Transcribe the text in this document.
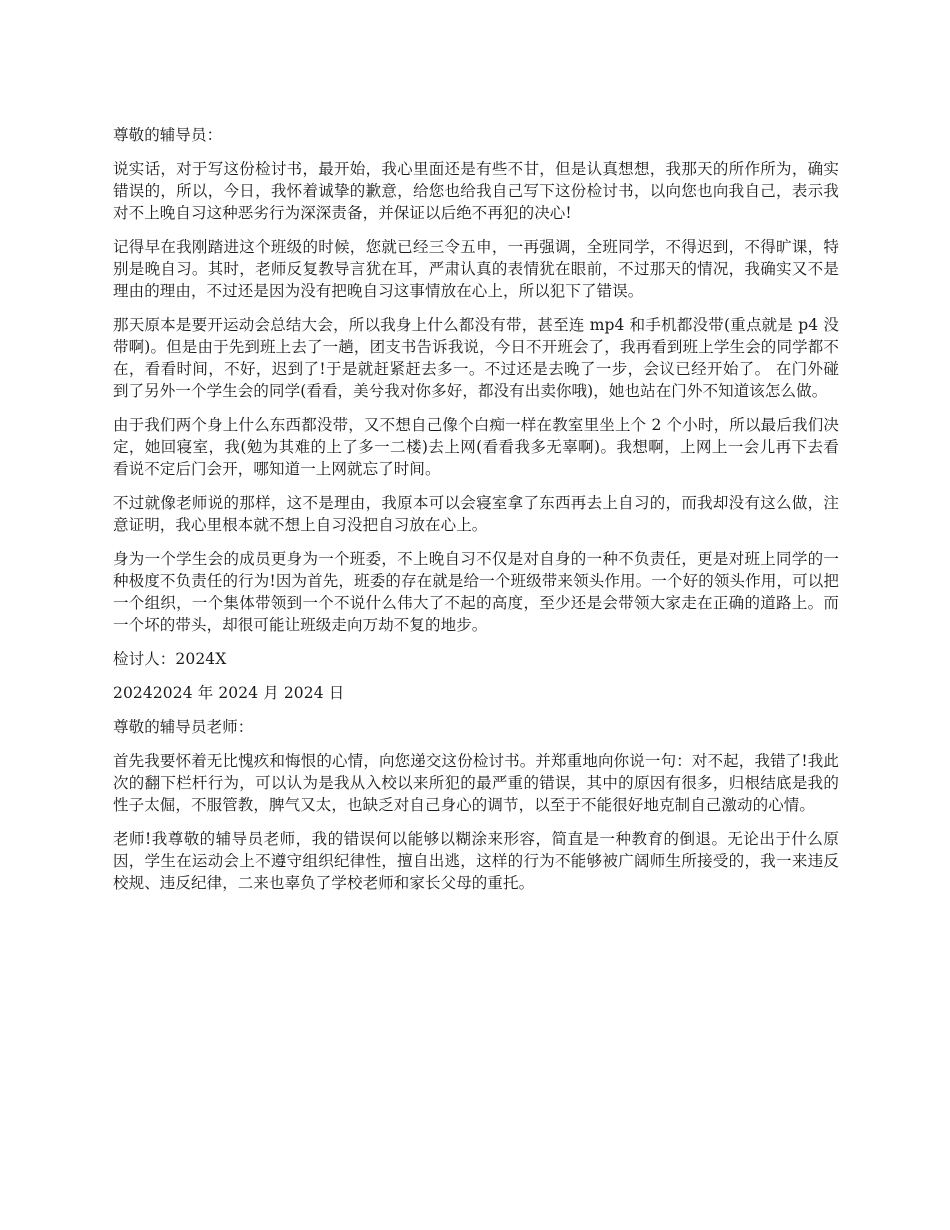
尊敬的辅导员：

说实话，对于写这份检讨书，最开始，我心里面还是有些不甘，但是认真想想，我那天的所作所为，确实错误的，所以，今日，我怀着诚挚的歉意，给您也给我自己写下这份检讨书，以向您也向我自己，表示我对不上晚自习这种恶劣行为深深责备，并保证以后绝不再犯的决心!

记得早在我刚踏进这个班级的时候，您就已经三令五申，一再强调，全班同学，不得迟到，不得旷课，特别是晚自习。其时，老师反复教导言犹在耳，严肃认真的表情犹在眼前，不过那天的情况，我确实又不是理由的理由，不过还是因为没有把晚自习这事情放在心上，所以犯下了错误。

那天原本是要开运动会总结大会，所以我身上什么都没有带，甚至连 mp4 和手机都没带(重点就是 p4 没带啊)。但是由于先到班上去了一趟，团支书告诉我说，今日不开班会了，我再看到班上学生会的同学都不在，看看时间，不好，迟到了!于是就赶紧赶去多一。不过还是去晚了一步，会议已经开始了。 在门外碰到了另外一个学生会的同学(看看，美兮我对你多好，都没有出卖你哦)，她也站在门外不知道该怎么做。

由于我们两个身上什么东西都没带，又不想自己像个白痴一样在教室里坐上个 2 个小时，所以最后我们决定，她回寝室，我(勉为其难的上了多一二楼)去上网(看看我多无辜啊)。我想啊，上网上一会儿再下去看看说不定后门会开，哪知道一上网就忘了时间。

不过就像老师说的那样，这不是理由，我原本可以会寝室拿了东西再去上自习的，而我却没有这么做，注意证明，我心里根本就不想上自习没把自习放在心上。

身为一个学生会的成员更身为一个班委，不上晚自习不仅是对自身的一种不负责任，更是对班上同学的一种极度不负责任的行为!因为首先，班委的存在就是给一个班级带来领头作用。一个好的领头作用，可以把一个组织，一个集体带领到一个不说什么伟大了不起的高度，至少还是会带领大家走在正确的道路上。而一个坏的带头，却很可能让班级走向万劫不复的地步。

检讨人：2024X

20242024 年 2024 月 2024 日

尊敬的辅导员老师：

首先我要怀着无比愧疚和悔恨的心情，向您递交这份检讨书。并郑重地向你说一句：对不起，我错了!我此次的翻下栏杆行为，可以认为是我从入校以来所犯的最严重的错误，其中的原因有很多，归根结底是我的性子太倔，不服管教，脾气又太，也缺乏对自己身心的调节，以至于不能很好地克制自己激动的心情。

老师!我尊敬的辅导员老师，我的错误何以能够以糊涂来形容，简直是一种教育的倒退。无论出于什么原因，学生在运动会上不遵守组织纪律性，擅自出逃，这样的行为不能够被广阔师生所接受的，我一来违反校规、违反纪律，二来也辜负了学校老师和家长父母的重托。
